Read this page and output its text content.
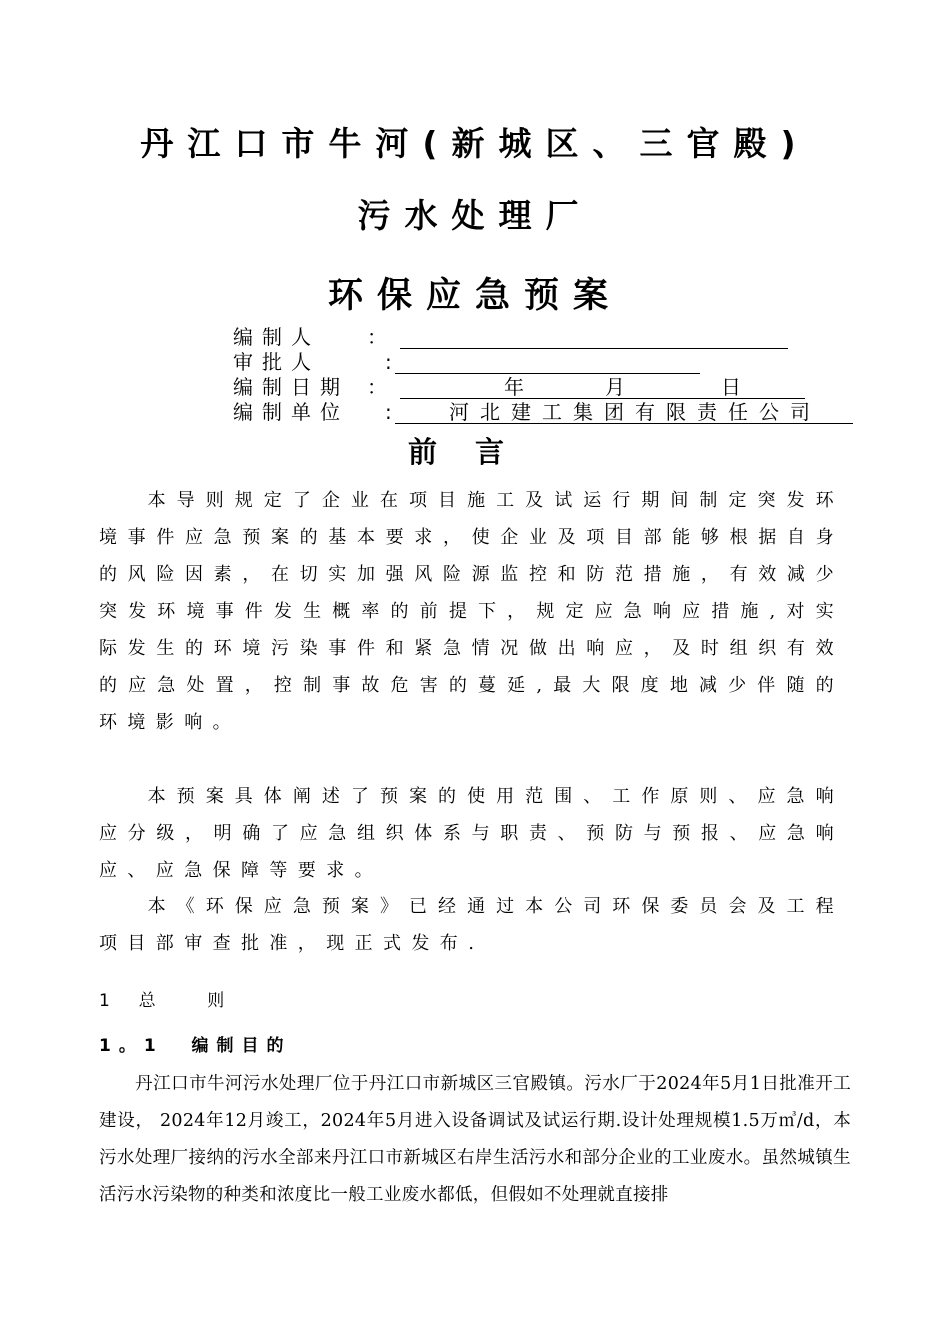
丹江口市牛河(新城区、三官殿)
污水处理厂
环保应急预案
编制人 ：
审批人	:
编制日期 ：	年	月	日
编制单位 : 河北建工集团有限责任公司
前言

本导则规定了企业在项目施工及试运行期间制定突发环境事件应急预案的基本要求，使企业及项目部能够根据自身的风险因素，在切实加强风险源监控和防范措施，有效减少突发环境事件发生概率的前提下，规定应急响应措施,对实际发生的环境污染事件和紧急情况做出响应，及时组织有效的应急处置，控制事故危害的蔓延,最大限度地减少伴随的环境影响。

本预案具体阐述了预案的使用范围、工作原则、应急响应分级，明确了应急组织体系与职责、预防与预报、应急响应、应急保障等要求。

本《环保应急预案》已经通过本公司环保委员会及工程项目部审查批准，现正式发布.

1  总    则
1。1  编制目的

丹江口市牛河污水处理厂位于丹江口市新城区三官殿镇。污水厂于2024年5月1日批准开工建设， 2024年12月竣工，2024年5月进入设备调试及试运行期.设计处理规模1.5万㎥/d，本污水处理厂接纳的污水全部来丹江口市新城区右岸生活污水和部分企业的工业废水。虽然城镇生活污水污染物的种类和浓度比一般工业废水都低，但假如不处理就直接排
